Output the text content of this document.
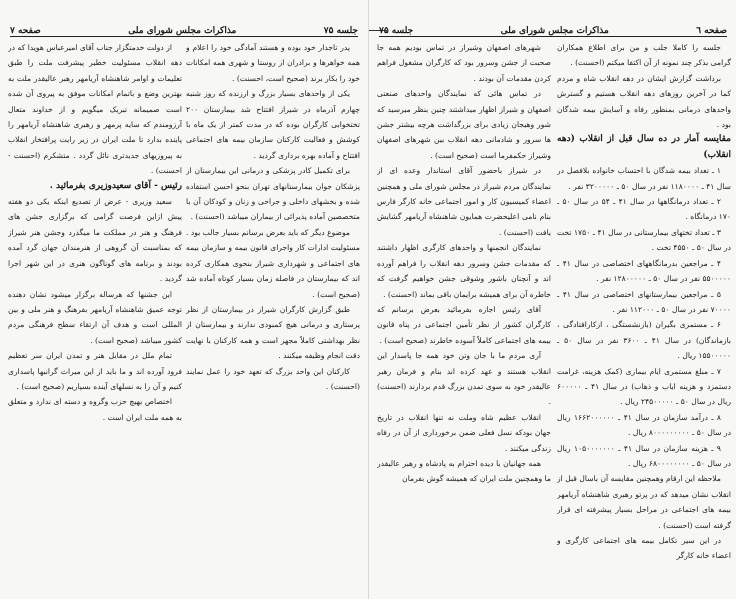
جلسه ۷۵
مذاکرات مجلس شورای ملی
صفحه ۷

پدر تاجدار خود بوده و هستند آمادگی خود را اعلام و همه خواهرها و برادران از روستا و شهری همه امکانات خود را بکار برند (صحیح است، احسنت) .

یکی از واحدهای بسیار بزرگ و ارزنده که روز شنبه چهارم آذرماه در شیراز افتتاح شد بیمارستان ۲۰۰ تختخوابی کارگران بوده که در مدت کمتر از یک ماه با کوشش و فعالیت کارکنان سازمان بیمه های اجتماعی افتتاح و آماده بهره برداری گردید .

برای تکمیل کادر پزشکی و درمانی این بیمارستان از پزشکان جوان بیمارستانهای تهران بنحو احسن استفاده شده و بخشهای داخلی و جراحی و زنان و کودکان آن با متخصصین آماده پذیرائی از بیماران میباشد (احسنت) .

موضوع دیگر که باید بعرض برسانم بسیار جالب بود . مسئولیت ادارات کار واجرای قانون بیمه و سازمان بیمه های اجتماعی و شهرداری شیراز بنحوی همکاری کرده اند که بیمارستان در فاصله زمان بسیار کوتاه آماده شد (صحیح است) .

طبق گزارش کارگران شیراز در بیمارستان از نظر پرستاری و درمانی هیچ کمبودی ندارند و بیمارستان از نظر بهداشتی کاملاً مجهز است و همه کارکنان با نهایت دقت انجام وظیفه میکنند .

کارکنان این واحد بزرگ که تعهد خود را عمل نمایند (احسنت) .

از دولت خدمتگزار جناب آقای امیرعباس هویدا که در دهه انقلاب مسئولیت خطیر پیشرفت ملت را طبق تعلیمات و اوامر شاهنشاه آریامهر رهبر عالیقدر ملت به بهترین وضع و باتمام امکانات موفق به پیروی آن شده است صمیمانه تبریک میگویم و از خداوند متعال آرزومندم که سایه پرمهر و رهبری شاهنشاه آریامهر را پاینده بدارد تا ملت ایران در زیر رایت پرافتخار انقلاب به پیروزیهای جدیدتری نائل گردد . متشکرم (احسنت - احسنت) .

رئیس - آقای سعیدوزیری بفرمائید .

سعید وزیری - عرض از تصدیع اینکه یکی دو هفته پیش ازاین فرصت گرامی که برگزاری جشن های فرهنگ و هنر در مملکت ما میگذرد وجشن هنر شیراز که بمناسبت آن گروهی از هنرمندان جهان گرد آمده بودند و برنامه های گوناگون هنری در این شهر اجرا گردید .

این جشنها که هرساله برگزار میشود نشان دهنده توجه عمیق شاهنشاه آریامهر بفرهنگ و هنر ملی و بین المللی است و هدف آن ارتقاء سطح فرهنگی مردم کشور میباشد (صحیح است) .

تمام ملل در مقابل هنر و تمدن ایران سر تعظیم فرود آورده اند و ما باید از این میراث گرانبها پاسداری کنیم و آن را به نسلهای آینده بسپاریم (صحیح است) .

اختصاص بهیچ حزب وگروه و دسته ای ندارد و متعلق به همه ملت ایران است .

صفحه ٦
مذاکرات مجلس شورای ملی
جلسه ۷۵

جلسه را کاملا جلب و من برای اطلاع همکاران گرامی بذکر چند نمونه از آن اکتفا میکنم (احسنت) .

برداشت گزارش ایشان در دهه انقلاب شاه و مردم کما در آخرین روزهای دهه انقلاب هستیم و گسترش واحدهای درمانی بمنظور رفاه و آسایش بیمه شدگان بود .

مقایسه آمار در ده سال قبل از انقلاب (دهه انقلاب)

۱ ـ تعداد بیمه شدگان با احتساب خانواده بلافصل در سال ۴۱ ـ ۱۱۸۰۰۰۰ نفر در سال ۵۰ ـ ۳۲۰۰۰۰۰ نفر .

۲ ـ تعداد درمانگاهها در سال ۴۱ ـ ۵۴ در سال ۵۰ ـ ۱۷۰ درمانگاه .

۳ ـ تعداد تختهای بیمارستانی در سال ۴۱ ـ ۱۷۵۰ تخت در سال ۵۰ ـ ۴۵۵۰ تخت .

۴ ـ مراجعین بدرمانگاههای اختصاصی در سال ۴۱ ـ ۵۵۰۰۰۰۰ نفر در سال ۵۰ ـ ۱۲۸۰۰۰۰۰ نفر .

۵ ـ مراجعین بیمارستانهای اختصاصی در سال ۴۱ ـ ۷۰۰۰۰ نفر در سال ۵۰ ـ ۱۱۲۰۰۰ نفر .

۶ ـ مستمری بگیران (بازنشستگی ، ازکارافتادگی ، بازماندگان) در سال ۴۱ ـ ۳۶۰۰ نفر در سال ۵۰ ـ ۱۵۵۰۰۰۰۰ ریال .

۷ ـ مبلغ مستمری ایام بیماری (کمک هزینه، غرامت دستمزد و هزینه ایاب و ذهاب) در سال ۴۱ ـ ۶۰۰۰۰۰ ریال در سال ۵۰ ـ ۲۴۵۰۰۰۰۰ ریال .

۸ ـ درآمد سازمان در سال ۴۱ ـ ۱۶۶۲۰۰۰۰۰۰ ریال در سال ۵۰ ـ ۸۰۰۰۰۰۰۰۰۰ ریال .

۹ ـ هزینه سازمان در سال ۴۱ ـ ۱۰۵۰۰۰۰۰۰۰ ریال در سال ۵۰ ـ ۶۸۰۰۰۰۰۰۰۰ ریال .

ملاحظه این ارقام وهمچنین مقایسه آن باسال قبل از انقلاب نشان میدهد که در پرتو رهبری شاهنشاه آریامهر بیمه های اجتماعی در مراحل بسیار پیشرفته ای قرار گرفته است (احسنت) .

در این سیر تکامل بیمه های اجتماعی کارگری و اعضاء خانه کارگر

شهرهای اصفهان وشیراز در تماس بودیم همه جا صحبت از جشن وسرور بود که کارگران مشغول فراهم کردن مقدمات آن بودند .

در تماس هائی که نمایندگان واحدهای صنعتی اصفهان و شیراز اظهار میداشتند چنین بنظر میرسید که شور وهیجان زیادی برای بزرگداشت هرچه بیشتر جشن ها سرور و شادمانی دهه انقلاب بین شهرهای اصفهان وشیراز حکمفرما است (صحیح است) .

در شیراز باحضور آقای استاندار وعده ای از نمایندگان مردم شیراز در مجلس شورای ملی و همچنین اعضاء کمیسیون کار و امور اجتماعی خانه کارگر فارس بنام نامی اعلیحضرت همایون شاهنشاه آریامهر گشایش یافت (احسنت) .

نمایندگان انجمنها و واحدهای کارگری اظهار داشتند که مقدمات جشن وسرور دهه انقلاب را فراهم آورده اند و آنچنان باشور وشوقی جشن خواهیم گرفت که خاطره آن برای همیشه برایمان باقی بماند (احسنت) .

آقای رئیس اجازه بفرمائید بعرض برسانم که کارگران کشور از نظر تأمین اجتماعی در پناه قانون بیمه های اجتماعی کاملاً آسوده خاطرند (صحیح است) .

آری مردم ما با جان وتن خود همه جا پاسدار این انقلاب هستند و عهد کرده اند بنام و فرمان رهبر عالیقدر خود به سوی تمدن بزرگ قدم بردارند (احسنت) .

انقلاب عظیم شاه وملت نه تنها انقلاب در تاریخ جهان بودکه نسل فعلی ضمن برخورداری از آن در رفاه زندگی میکنند .

همه جهانیان با دیده احترام به پادشاه و رهبر عالیقدر ما وهمچنین ملت ایران که همیشه گوش بفرمان
